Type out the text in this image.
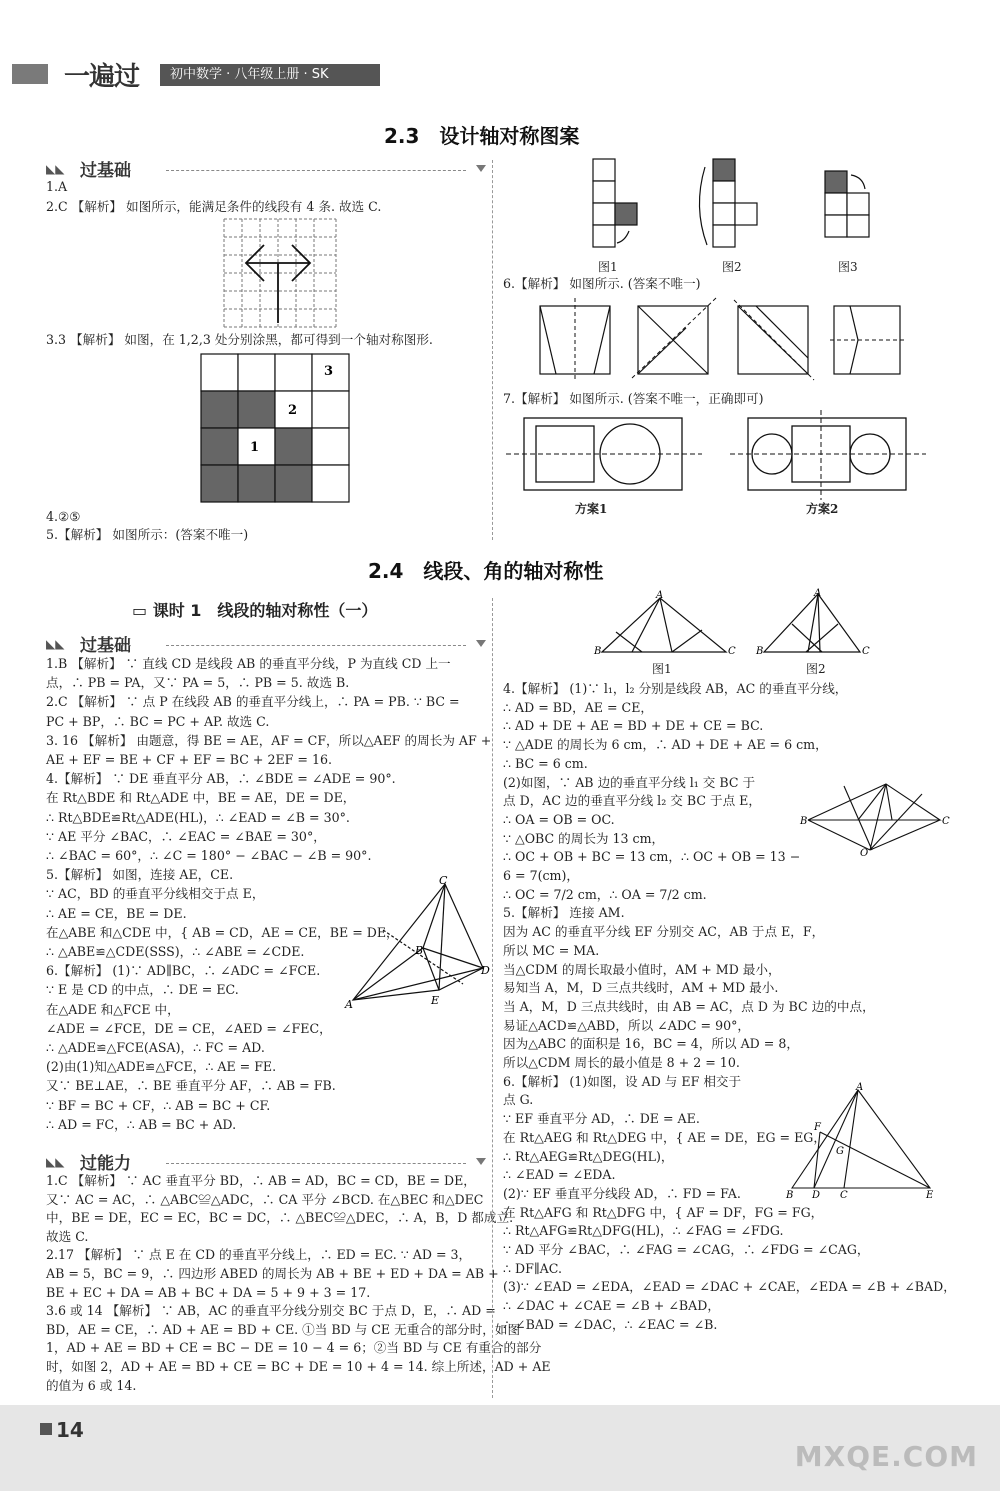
一遍过	初中数学 · 八年级上册 · SK
2.3　设计轴对称图案
◣◣ 过基础
1.A
2.C 【解析】 如图所示，能满足条件的线段有 4 条. 故选 C.
3.3 【解析】 如图，在 1,2,3 处分别涂黑，都可得到一个轴对称图形.
1
2
3
4.②⑤
5.【解析】 如图所示：(答案不唯一)
图1	图2	图3
6.【解析】 如图所示. (答案不唯一)
7.【解析】 如图所示. (答案不唯一，正确即可)
方案1	方案2
2.4　线段、角的轴对称性
▭ 课时 1　线段的轴对称性（一）
◣◣ 过基础
1.B 【解析】 ∵ 直线 CD 是线段 AB 的垂直平分线，P 为直线 CD 上一
点，∴ PB = PA，又∵ PA = 5，∴ PB = 5. 故选 B.
2.C 【解析】 ∵ 点 P 在线段 AB 的垂直平分线上，∴ PA = PB. ∵ BC =
PC + BP，∴ BC = PC + AP. 故选 C.
3. 16 【解析】 由题意，得 BE = AE，AF = CF，所以△AEF 的周长为 AF +
AE + EF = BE + CF + EF = BC + 2EF = 16.
4.【解析】 ∵ DE 垂直平分 AB，∴ ∠BDE = ∠ADE = 90°.
在 Rt△BDE 和 Rt△ADE 中，BE = AE，DE = DE，
∴ Rt△BDE≌Rt△ADE(HL)，∴ ∠EAD = ∠B = 30°.
∵ AE 平分 ∠BAC，∴ ∠EAC = ∠BAE = 30°，
∴ ∠BAC = 60°，∴ ∠C = 180° − ∠BAC − ∠B = 90°.
5.【解析】 如图，连接 AE，CE.
∵ AC，BD 的垂直平分线相交于点 E，
∴ AE = CE，BE = DE.
在△ABE 和△CDE 中，{ AB = CD，AE = CE，BE = DE，
∴ △ABE≌△CDE(SSS)，∴ ∠ABE = ∠CDE.
6.【解析】 (1)∵ AD∥BC，∴ ∠ADC = ∠FCE.
∵ E 是 CD 的中点，∴ DE = EC.
在△ADE 和△FCE 中，
∠ADE = ∠FCE，DE = CE，∠AED = ∠FEC，
∴ △ADE≌△FCE(ASA)，∴ FC = AD.
(2)由(1)知△ADE≌△FCE，∴ AE = FE.
又∵ BE⊥AE，∴ BE 垂直平分 AF，∴ AB = FB.
∵ BF = BC + CF，∴ AB = BC + CF.
∴ AD = FC，∴ AB = BC + AD.
A
C
B
D
E
◣◣ 过能力
1.C 【解析】 ∵ AC 垂直平分 BD，∴ AB = AD，BC = CD，BE = DE，
又∵ AC = AC，∴ △ABC≌△ADC，∴ CA 平分 ∠BCD. 在△BEC 和△DEC
中，BE = DE，EC = EC，BC = DC，∴ △BEC≌△DEC，∴ A，B，D 都成立.
故选 C.
2.17 【解析】 ∵ 点 E 在 CD 的垂直平分线上，∴ ED = EC. ∵ AD = 3，
AB = 5，BC = 9，∴ 四边形 ABED 的周长为 AB + BE + ED + DA = AB +
BE + EC + DA = AB + BC + DA = 5 + 9 + 3 = 17.
3.6 或 14 【解析】 ∵ AB，AC 的垂直平分线分别交 BC 于点 D，E，∴ AD =
BD，AE = CE，∴ AD + AE = BD + CE. ①当 BD 与 CE 无重合的部分时，如图
1，AD + AE = BD + CE = BC − DE = 10 − 4 = 6；②当 BD 与 CE 有重合的部分
时，如图 2，AD + AE = BD + CE = BC + DE = 10 + 4 = 14. 综上所述，AD + AE
的值为 6 或 14.
B
A
C B
A
C
图1	图2
4.【解析】 (1)∵ l₁，l₂ 分别是线段 AB，AC 的垂直平分线，
∴ AD = BD，AE = CE，
∴ AD + DE + AE = BD + DE + CE = BC.
∵ △ADE 的周长为 6 cm，∴ AD + DE + AE = 6 cm，
∴ BC = 6 cm.
(2)如图，∵ AB 边的垂直平分线 l₁ 交 BC 于
点 D，AC 边的垂直平分线 l₂ 交 BC 于点 E，
∴ OA = OB = OC.
∵ △OBC 的周长为 13 cm，
∴ OC + OB + BC = 13 cm，∴ OC + OB = 13 −
6 = 7(cm)，
∴ OC = 7/2 cm，∴ OA = 7/2 cm.
5.【解析】 连接 AM.
因为 AC 的垂直平分线 EF 分别交 AC，AB 于点 E，F，
所以 MC = MA.
当△CDM 的周长取最小值时，AM + MD 最小，
易知当 A，M，D 三点共线时，AM + MD 最小.
当 A，M，D 三点共线时，由 AB = AC，点 D 为 BC 边的中点，
易证△ACD≌△ABD，所以 ∠ADC = 90°，
因为△ABC 的面积是 16，BC = 4，所以 AD = 8，
所以△CDM 周长的最小值是 8 + 2 = 10.
6.【解析】 (1)如图，设 AD 与 EF 相交于
点 G.
∵ EF 垂直平分 AD，∴ DE = AE.
在 Rt△AEG 和 Rt△DEG 中，{ AE = DE，EG = EG，
∴ Rt△AEG≌Rt△DEG(HL)，
∴ ∠EAD = ∠EDA.
(2)∵ EF 垂直平分线段 AD，∴ FD = FA.
在 Rt△AFG 和 Rt△DFG 中，{ AF = DF，FG = FG，
∴ Rt△AFG≌Rt△DFG(HL)，∴ ∠FAG = ∠FDG.
∵ AD 平分 ∠BAC，∴ ∠FAG = ∠CAG，∴ ∠FDG = ∠CAG，
∴ DF∥AC.
(3)∵ ∠EAD = ∠EDA，∠EAD = ∠DAC + ∠CAE，∠EDA = ∠B + ∠BAD，
∴ ∠DAC + ∠CAE = ∠B + ∠BAD，
∴ ∠BAD = ∠DAC，∴ ∠EAC = ∠B.
B	C
O
A
B D C	E
F
G
14
MXQE.COM
